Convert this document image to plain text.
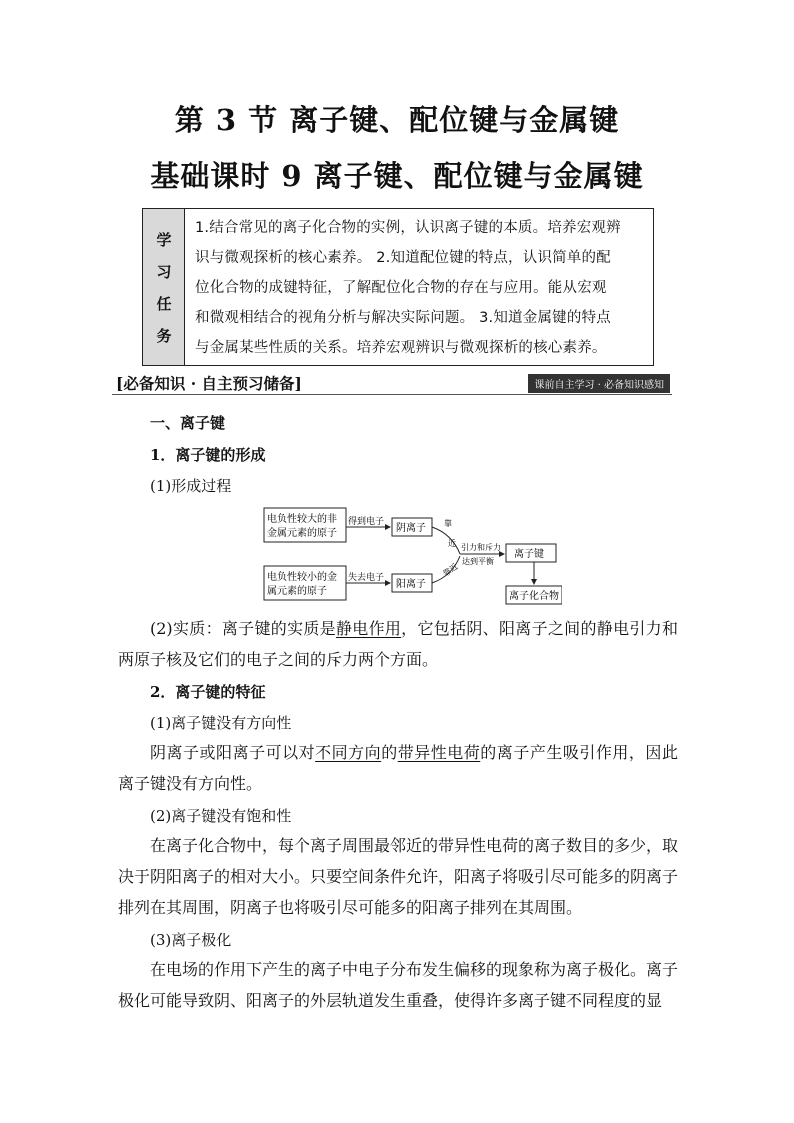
第 3 节 离子键、配位键与金属键
基础课时 9 离子键、配位键与金属键
学
习
任
务
1.结合常见的离子化合物的实例，认识离子键的本质。培养宏观辨
识与微观探析的核心素养。 2.知道配位键的特点，认识简单的配
位化合物的成键特征，了解配位化合物的存在与应用。能从宏观
和微观相结合的视角分析与解决实际问题。 3.知道金属键的特点
与金属某些性质的关系。培养宏观辨识与微观探析的核心素养。
[必备知识 · 自主预习储备]	课前自主学习 · 必备知识感知
一、离子键
1．离子键的形成
(1)形成过程
电负性较大的非
金属元素的原子
电负性较小的金
属元素的原子
得到电子
失去电子
阴离子
阳离子
靠
近
靠近
引力和斥力
达到平衡
离子键
离子化合物
(2)实质：离子键的实质是静电作用，它包括阴、阳离子之间的静电引力和两原子核及它们的电子之间的斥力两个方面。
2．离子键的特征
(1)离子键没有方向性
阴离子或阳离子可以对不同方向的带异性电荷的离子产生吸引作用，因此离子键没有方向性。
(2)离子键没有饱和性
在离子化合物中，每个离子周围最邻近的带异性电荷的离子数目的多少，取决于阴阳离子的相对大小。只要空间条件允许，阳离子将吸引尽可能多的阴离子排列在其周围，阴离子也将吸引尽可能多的阳离子排列在其周围。
(3)离子极化
在电场的作用下产生的离子中电子分布发生偏移的现象称为离子极化。离子极化可能导致阴、阳离子的外层轨道发生重叠，使得许多离子键不同程度的显
